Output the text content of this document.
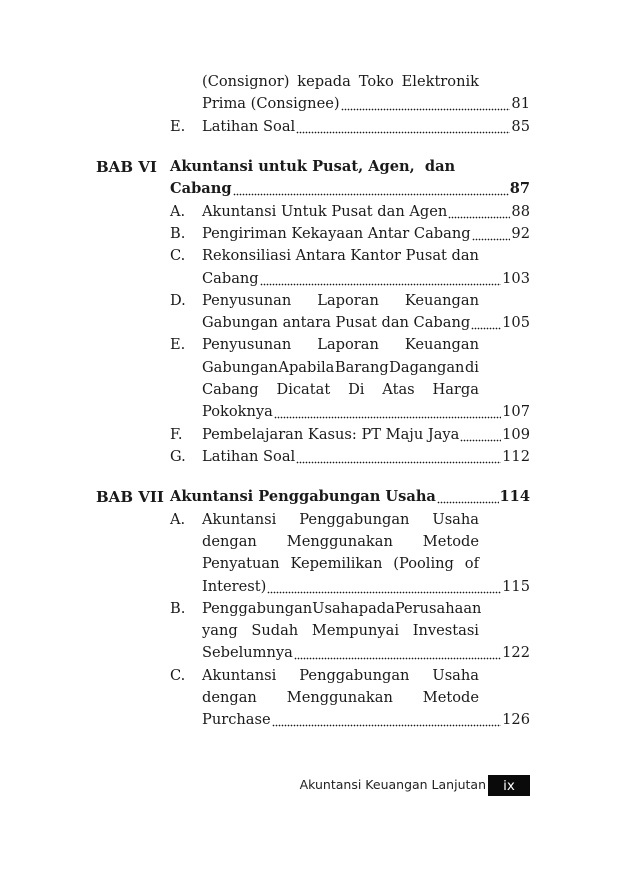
(Consignor) kepada Toko Elektronik
Prima (Consignee)	81
E. Latihan Soal	85
BAB VI Akuntansi untuk Pusat, Agen,  dan
Cabang	87
A. Akuntansi Untuk Pusat dan Agen	88
B. Pengiriman Kekayaan Antar Cabang	92
C. Rekonsiliasi Antara Kantor Pusat dan
Cabang	103
D. Penyusunan Laporan Keuangan
Gabungan antara Pusat dan Cabang 105
E. Penyusunan Laporan Keuangan
Gabungan Apabila Barang Dagangan di
Cabang Dicatat Di Atas Harga
Pokoknya	107
F. Pembelajaran Kasus: PT Maju Jaya	109
G. Latihan Soal	112
BAB VII Akuntansi Penggabungan Usaha	114
A. Akuntansi Penggabungan Usaha
dengan Menggunakan Metode
Penyatuan Kepemilikan (Pooling of
Interest)	115
B. Penggabungan Usaha pada Perusahaan
yang Sudah Mempunyai Investasi
Sebelumnya	122
C. Akuntansi Penggabungan Usaha
dengan Menggunakan Metode
Purchase	126
Akuntansi Keuangan Lanjutan	ix
